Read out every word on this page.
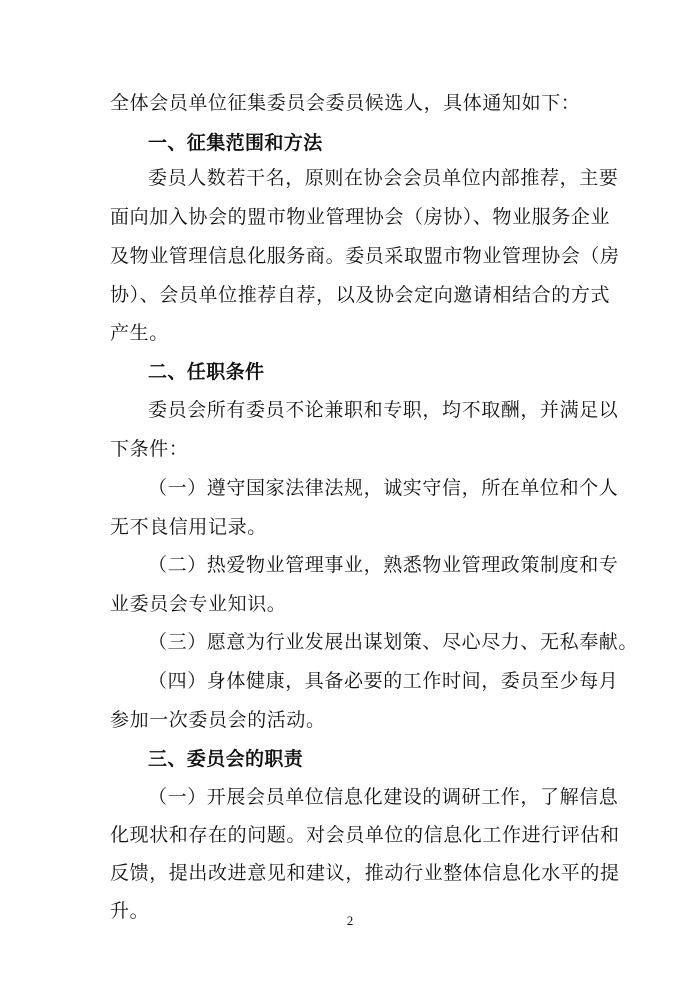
全体会员单位征集委员会委员候选人，具体通知如下：
一、征集范围和方法
委员人数若干名，原则在协会会员单位内部推荐，主要
面向加入协会的盟市物业管理协会（房协）、物业服务企业
及物业管理信息化服务商。委员采取盟市物业管理协会（房
协）、会员单位推荐自荐，以及协会定向邀请相结合的方式
产生。
二、任职条件
委员会所有委员不论兼职和专职，均不取酬，并满足以
下条件：
（一）遵守国家法律法规，诚实守信，所在单位和个人
无不良信用记录。
（二）热爱物业管理事业，熟悉物业管理政策制度和专
业委员会专业知识。
（三）愿意为行业发展出谋划策、尽心尽力、无私奉献。
（四）身体健康，具备必要的工作时间，委员至少每月
参加一次委员会的活动。
三、委员会的职责
（一）开展会员单位信息化建设的调研工作，了解信息
化现状和存在的问题。对会员单位的信息化工作进行评估和
反馈，提出改进意见和建议，推动行业整体信息化水平的提
升。	2
